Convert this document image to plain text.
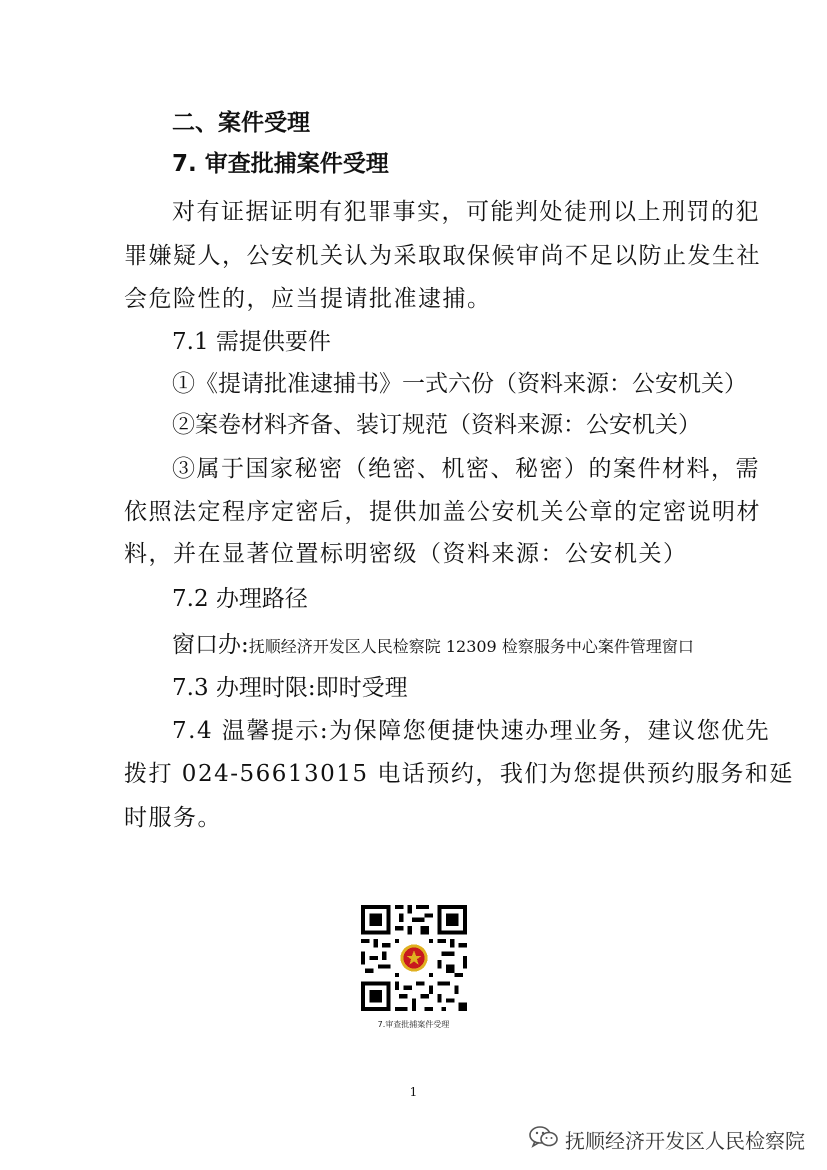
二、案件受理
7. 审查批捕案件受理
对有证据证明有犯罪事实，可能判处徒刑以上刑罚的犯
罪嫌疑人，公安机关认为采取取保候审尚不足以防止发生社
会危险性的，应当提请批准逮捕。
7.1 需提供要件
①《提请批准逮捕书》一式六份（资料来源：公安机关）
②案卷材料齐备、装订规范（资料来源：公安机关）
③属于国家秘密（绝密、机密、秘密）的案件材料，需
依照法定程序定密后，提供加盖公安机关公章的定密说明材
料，并在显著位置标明密级（资料来源：公安机关）
7.2 办理路径
窗口办:抚顺经济开发区人民检察院 12309 检察服务中心案件管理窗口
7.3 办理时限:即时受理
7.4 温馨提示:为保障您便捷快速办理业务，建议您优先
拨打 024-56613015 电话预约，我们为您提供预约服务和延
时服务。
7.审查批捕案件受理
1
抚顺经济开发区人民检察院
